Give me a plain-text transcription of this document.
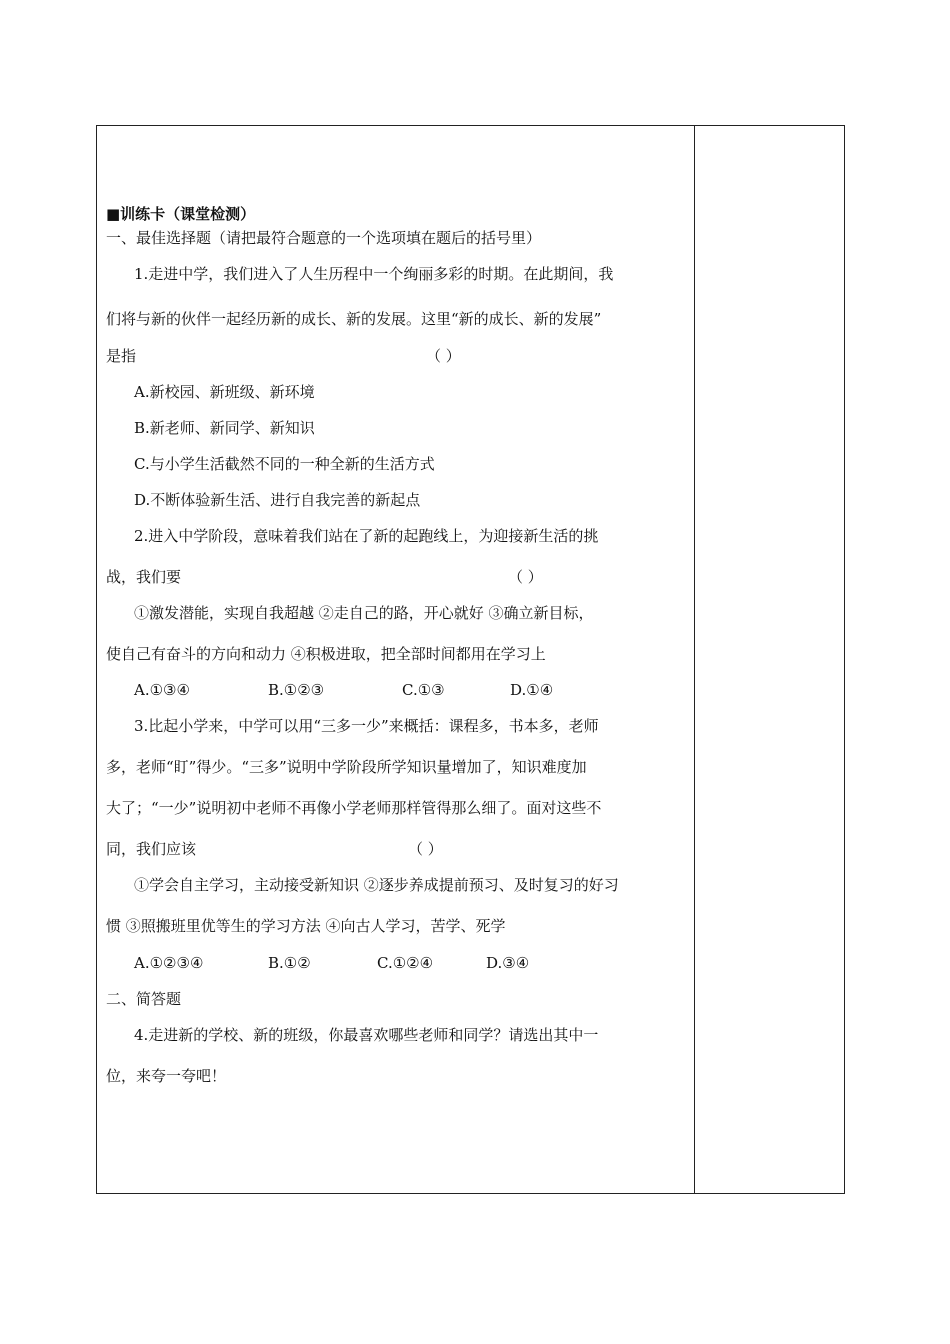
■训练卡（课堂检测）
一、最佳选择题（请把最符合题意的一个选项填在题后的括号里）
1.走进中学，我们进入了人生历程中一个绚丽多彩的时期。在此期间，我
们将与新的伙伴一起经历新的成长、新的发展。这里“新的成长、新的发展”
是指	（ ）
A.新校园、新班级、新环境
B.新老师、新同学、新知识
C.与小学生活截然不同的一种全新的生活方式
D.不断体验新生活、进行自我完善的新起点
2.进入中学阶段，意味着我们站在了新的起跑线上，为迎接新生活的挑
战，我们要	（ ）
①激发潜能，实现自我超越 ②走自己的路，开心就好 ③确立新目标，
使自己有奋斗的方向和动力 ④积极进取，把全部时间都用在学习上
A.①③④	B.①②③	C.①③	D.①④
3.比起小学来，中学可以用“三多一少”来概括：课程多，书本多，老师
多，老师“盯”得少。“三多”说明中学阶段所学知识量增加了，知识难度加
大了；“一少”说明初中老师不再像小学老师那样管得那么细了。面对这些不
同，我们应该	（ ）
①学会自主学习，主动接受新知识 ②逐步养成提前预习、及时复习的好习
惯 ③照搬班里优等生的学习方法 ④向古人学习，苦学、死学
A.①②③④	B.①②	C.①②④	D.③④
二、简答题
4.走进新的学校、新的班级，你最喜欢哪些老师和同学？请选出其中一
位，来夸一夸吧！
